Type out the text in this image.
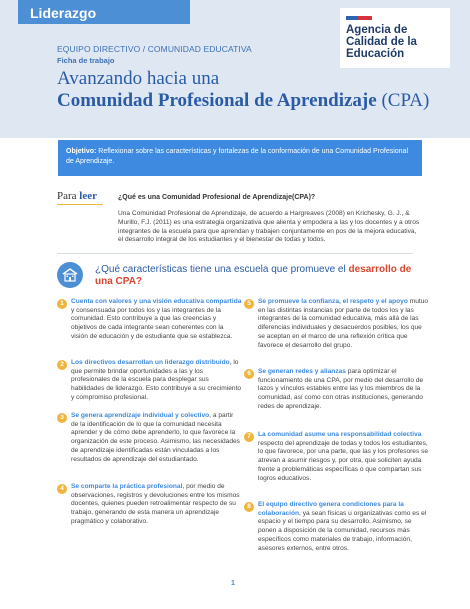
Liderazgo
Agencia de
Calidad de la
Educación
EQUIPO DIRECTIVO / COMUNIDAD EDUCATIVA
Ficha de trabajo
Avanzando hacia una
Comunidad Profesional de Aprendizaje (CPA)
Objetivo: Reflexionar sobre las características y fortalezas de la conformación de una Comunidad Profesional de Aprendizaje.
Para leer	¿Qué es una Comunidad Profesional de Aprendizaje(CPA)?
Una Comunidad Profesional de Aprendizaje, de acuerdo a Hargreaves (2008) en Krichesky, G. J., & Murillo, F.J. (2011) es una estrategia organizativa que alienta y empodera a las y los docentes y a otros integrantes de la escuela para que aprendan y trabajen conjuntamente en pos de la mejora educativa, el desarrollo integral de los estudiantes y el bienestar de todas y todos.
¿Qué características tiene una escuela que promueve el desarrollo de una CPA?
1	Cuenta con valores y una visión educativa compartida y consensuada por todos los y las integrantes de la comunidad. Esto contribuye a que las creencias y objetivos de cada integrante sean coherentes con la visión de educación y de estudiante que se establezca.
2	Los directivos desarrollan un liderazgo distribuido, lo que permite brindar oportunidades a las y los profesionales de la escuela para desplegar sus habilidades de liderazgo. Esto contribuye a su crecimiento y compromiso profesional.
3	Se genera aprendizaje individual y colectivo, a partir de la identificación de lo que la comunidad necesita aprender y de cómo debe aprenderlo, lo que favorece la organización de este proceso. Asimismo, las necesidades de aprendizaje identificadas están vinculadas a los resultados de aprendizaje del estudiantado.
4	Se comparte la práctica profesional, por medio de observaciones, registros y devoluciones entre los mismos docentes, quienes pueden retroalimentar respecto de su trabajo, generando de esta manera un aprendizaje pragmático y colaborativo.
5	Se promueve la confianza, el respeto y el apoyo mutuo en las distintas instancias por parte de todos los y las integrantes de la comunidad educativa, más allá de las diferencias individuales y desacuerdos posibles, los que se aceptan en el marco de una reflexión crítica que favorece el desarrollo del grupo.
6	Se generan redes y alianzas para optimizar el funcionamiento de una CPA, por medio del desarrollo de lazos y vínculos estables entre las y los miembros de la comunidad, así como con otras instituciones, generando redes de aprendizaje.
7	La comunidad asume una responsabilidad colectiva respecto del aprendizaje de todas y todos los estudiantes, lo que favorece, por una parte, que las y los profesores se atrevan a asumir riesgos y, por otra, que soliciten ayuda frente a problemáticas específicas o que compartan sus logros educativos.
8	El equipo directivo genera condiciones para la colaboración, ya sean físicas u organizativas como es el espacio y el tiempo para su desarrollo. Asimismo, se ponen a disposición de la comunidad, recursos más específicos como materiales de trabajo, información, asesores externos, entre otros.
1
